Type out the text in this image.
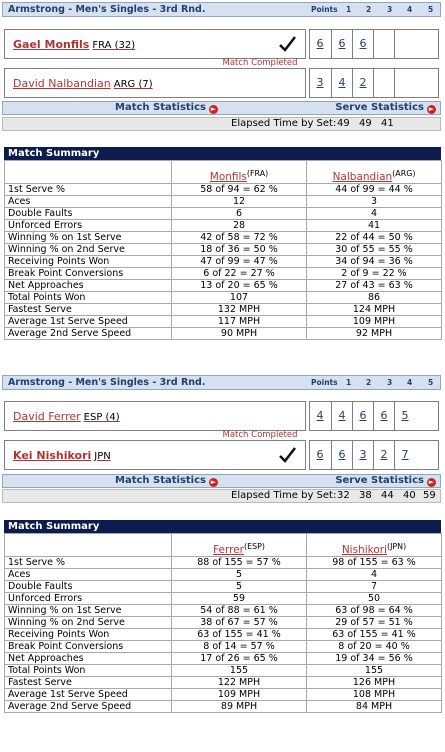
Armstrong - Men's Singles - 3rd Rnd.	Points 1 2 3 4 5
Gael Monfils FRA (32)	6	6	6
Match Completed
David Nalbandian ARG (7)	3	4	2
Match Statistics ►	Serve Statistics ►
Elapsed Time by Set: 49 49 41
Match Summary
	Monfils$^{(FRA)}$	Nalbandian$^{(ARG)}$
1st Serve %	58 of 94 = 62 %	44 of 99 = 44 %
Aces	12	3
Double Faults	6	4
Unforced Errors	28	41
Winning % on 1st Serve	42 of 58 = 72 %	22 of 44 = 50 %
Winning % on 2nd Serve	18 of 36 = 50 %	30 of 55 = 55 %
Receiving Points Won	47 of 99 = 47 %	34 of 94 = 36 %
Break Point Conversions	6 of 22 = 27 %	2 of 9 = 22 %
Net Approaches	13 of 20 = 65 %	27 of 43 = 63 %
Total Points Won	107	86
Fastest Serve	132 MPH	124 MPH
Average 1st Serve Speed	117 MPH	109 MPH
Average 2nd Serve Speed	90 MPH	92 MPH
Armstrong - Men's Singles - 3rd Rnd.	Points 1 2 3 4 5
David Ferrer ESP (4)	4	4	6	6	5
Match Completed
Kei Nishikori JPN	6	6	3	2	7
Match Statistics ►	Serve Statistics ►
Elapsed Time by Set: 32 38 44 40 59
Match Summary
	Ferrer$^{(ESP)}$	Nishikori$^{(JPN)}$
1st Serve %	88 of 155 = 57 %	98 of 155 = 63 %
Aces	5	4
Double Faults	5	7
Unforced Errors	59	50
Winning % on 1st Serve	54 of 88 = 61 %	63 of 98 = 64 %
Winning % on 2nd Serve	38 of 67 = 57 %	29 of 57 = 51 %
Receiving Points Won	63 of 155 = 41 %	63 of 155 = 41 %
Break Point Conversions	8 of 14 = 57 %	8 of 20 = 40 %
Net Approaches	17 of 26 = 65 %	19 of 34 = 56 %
Total Points Won	155	155
Fastest Serve	122 MPH	126 MPH
Average 1st Serve Speed	109 MPH	108 MPH
Average 2nd Serve Speed	89 MPH	84 MPH
